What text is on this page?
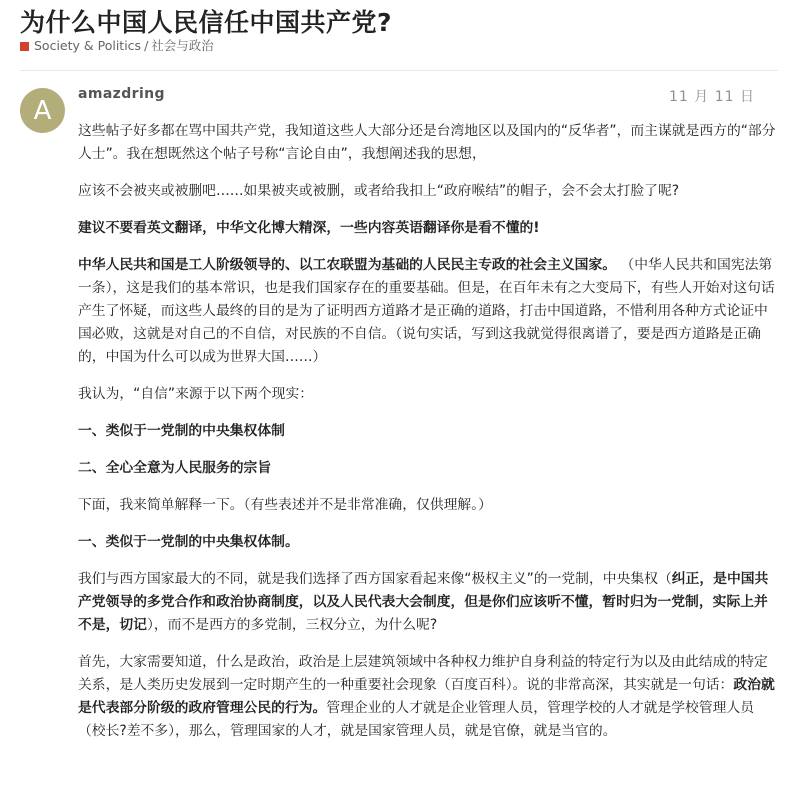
为什么中国人民信任中国共产党?
Society & Politics / 社会与政治
A
amazdring	11 月 11 日

这些帖子好多都在骂中国共产党，我知道这些人大部分还是台湾地区以及国内的“反华者”，而主谋就是西方的“部分人士”。我在想既然这个帖子号称“言论自由”，我想阐述我的思想，

应该不会被夹或被删吧……如果被夹或被删，或者给我扣上“政府喉结”的帽子，会不会太打脸了呢?

建议不要看英文翻译，中华文化博大精深，一些内容英语翻译你是看不懂的!

中华人民共和国是工人阶级领导的、以工农联盟为基础的人民民主专政的社会主义国家。 （中华人民共和国宪法第一条），这是我们的基本常识，也是我们国家存在的重要基础。但是，在百年未有之大变局下，有些人开始对这句话产生了怀疑，而这些人最终的目的是为了证明西方道路才是正确的道路，打击中国道路，不惜利用各种方式论证中国必败，这就是对自己的不自信，对民族的不自信。（说句实话，写到这我就觉得很离谱了，要是西方道路是正确的，中国为什么可以成为世界大国……）

我认为，“自信”来源于以下两个现实：

一、类似于一党制的中央集权体制

二、全心全意为人民服务的宗旨

下面，我来简单解释一下。（有些表述并不是非常准确，仅供理解。）

一、类似于一党制的中央集权体制。

我们与西方国家最大的不同，就是我们选择了西方国家看起来像“极权主义”的一党制，中央集权（纠正，是中国共产党领导的多党合作和政治协商制度，以及人民代表大会制度，但是你们应该听不懂，暂时归为一党制，实际上并不是，切记），而不是西方的多党制，三权分立，为什么呢?

首先，大家需要知道，什么是政治，政治是上层建筑领域中各种权力维护自身利益的特定行为以及由此结成的特定关系，是人类历史发展到一定时期产生的一种重要社会现象（百度百科）。说的非常高深，其实就是一句话：政治就是代表部分阶级的政府管理公民的行为。管理企业的人才就是企业管理人员，管理学校的人才就是学校管理人员（校长?差不多），那么，管理国家的人才，就是国家管理人员，就是官僚，就是当官的。
